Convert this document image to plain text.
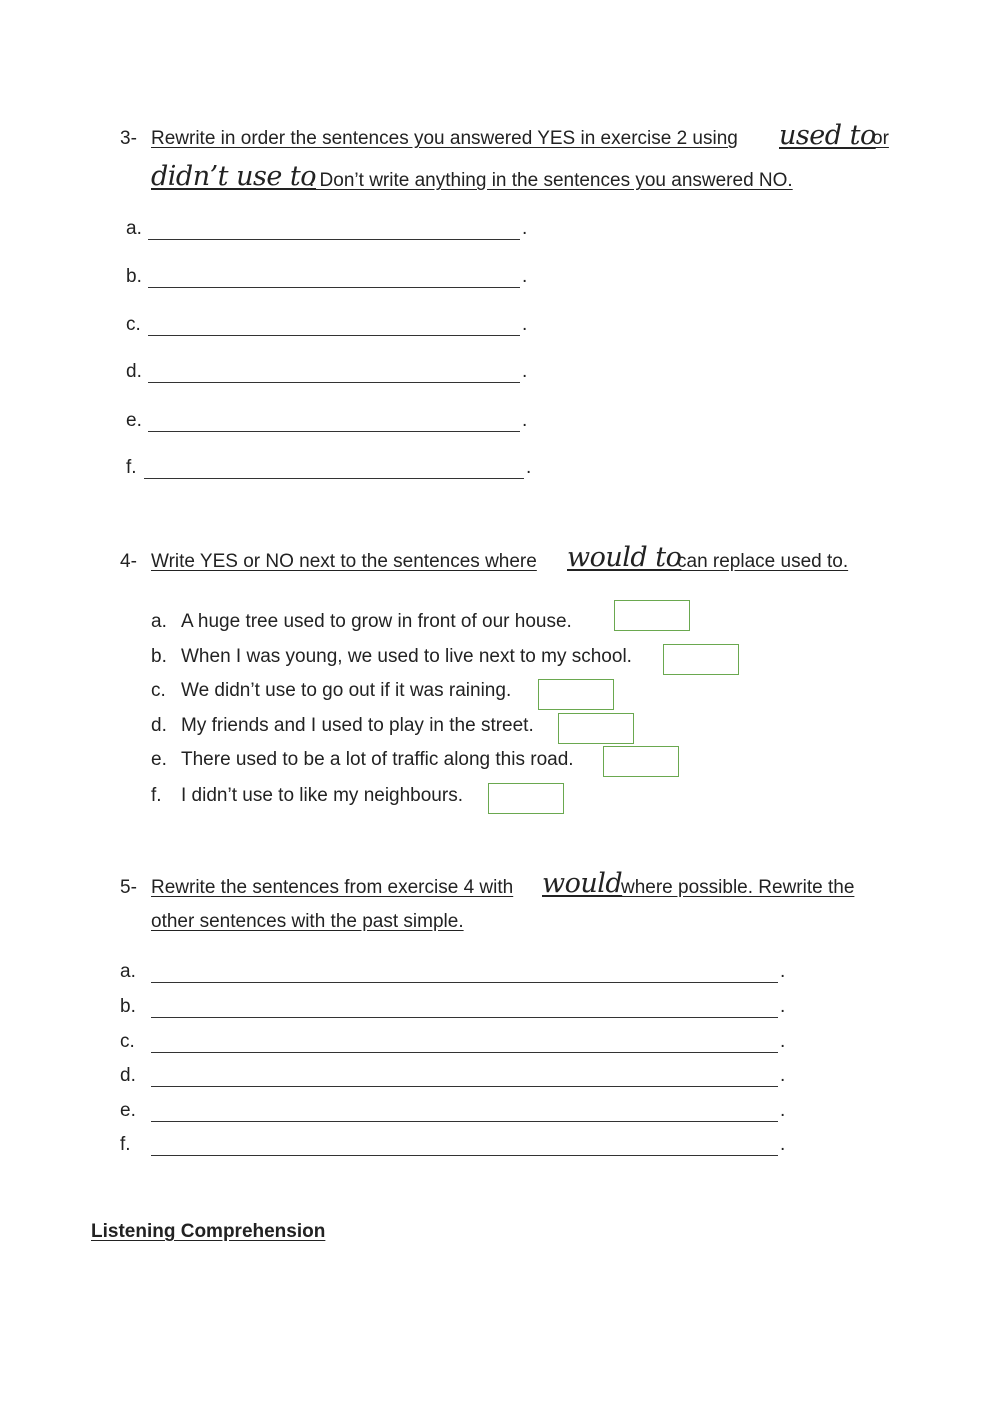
3- Rewrite in order the sentences you answered YES in exercise 2 using used to
or
didn’t use to
. Don’t write anything in the sentences you answered NO.
a.	.
b.	.
c.	.
d.	.
e.	.
f.	.
4- Write YES or NO next to the sentences where would to
can replace used to.
a. A huge tree used to grow in front of our house.
b. When I was young, we used to live next to my school.
c. We didn’t use to go out if it was raining.
d. My friends and I used to play in the street.
e. There used to be a lot of traffic along this road.
f. I didn’t use to like my neighbours.
5- Rewrite the sentences from exercise 4 with would
where possible. Rewrite the
other sentences with the past simple.
a.	.
b.	.
c.	.
d.	.
e.	.
f.	.
Listening Comprehension
